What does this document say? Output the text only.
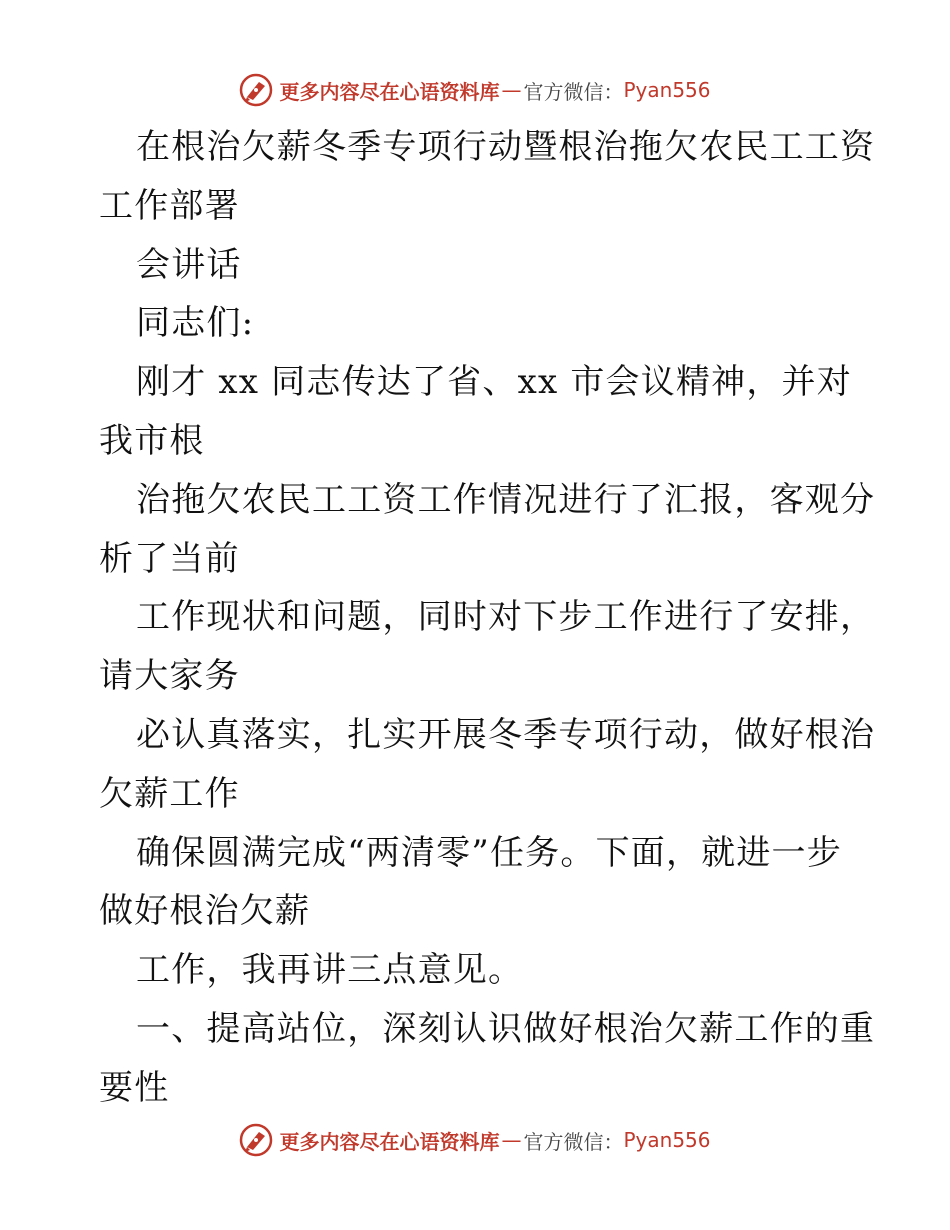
更多内容尽在心语资料库 — 官方微信： Pyan556
在根治欠薪冬季专项行动暨根治拖欠农民工工资
工作部署
会讲话
同志们:
刚才 xx 同志传达了省、xx 市会议精神，并对
我市根
治拖欠农民工工资工作情况进行了汇报，客观分
析了当前
工作现状和问题，同时对下步工作进行了安排，
请大家务
必认真落实，扎实开展冬季专项行动，做好根治
欠薪工作
确保圆满完成“两清零”任务。下面，就进一步
做好根治欠薪
工作，我再讲三点意见。
一、提高站位，深刻认识做好根治欠薪工作的重
要性
更多内容尽在心语资料库 — 官方微信： Pyan556
